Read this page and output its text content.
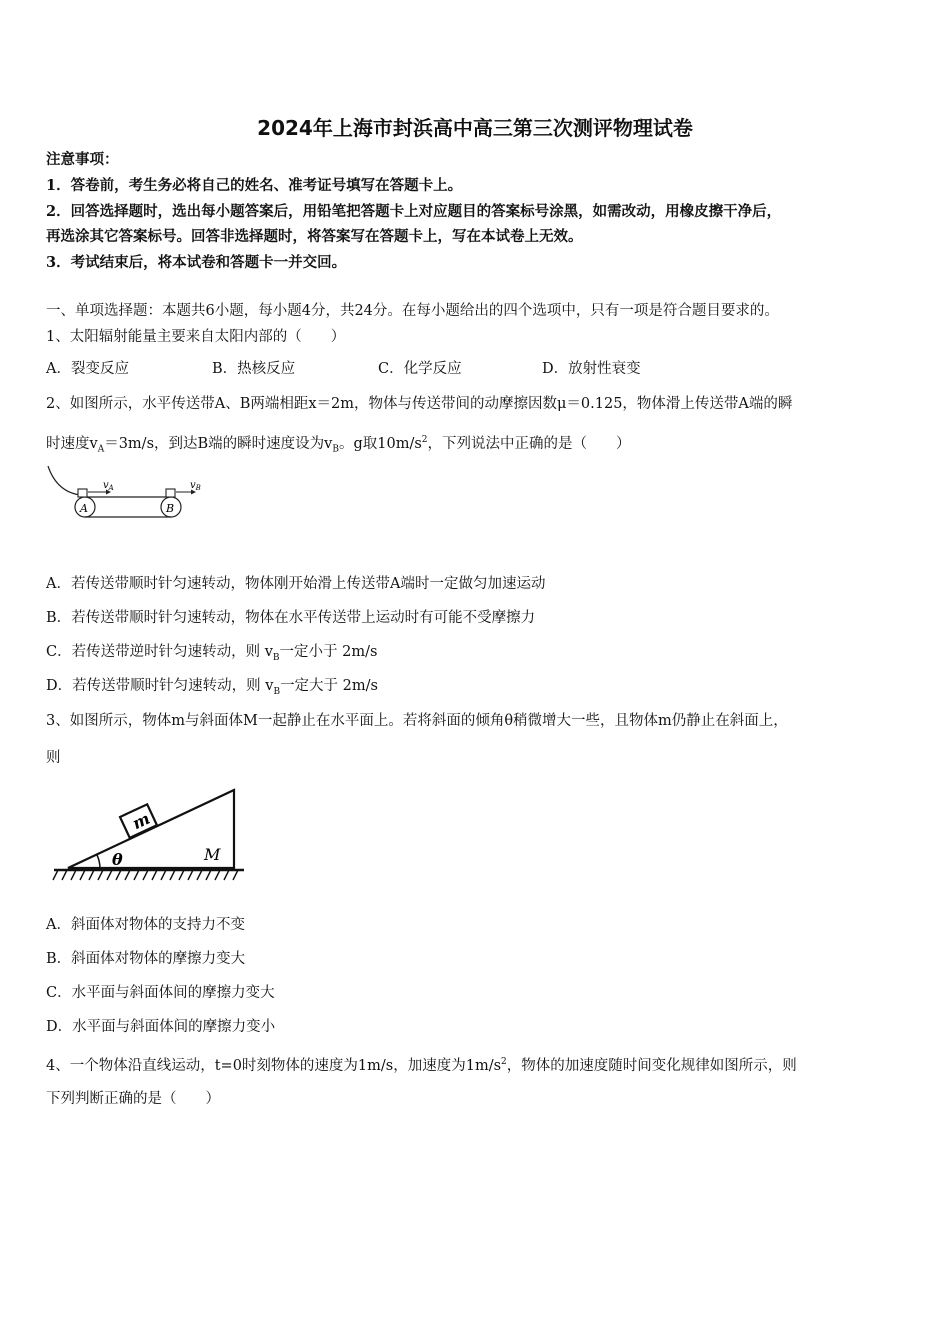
2024年上海市封浜高中高三第三次测评物理试卷
注意事项：
1．答卷前，考生务必将自己的姓名、准考证号填写在答题卡上。
2．回答选择题时，选出每小题答案后，用铅笔把答题卡上对应题目的答案标号涂黑，如需改动，用橡皮擦干净后，
再选涂其它答案标号。回答非选择题时，将答案写在答题卡上，写在本试卷上无效。
3．考试结束后，将本试卷和答题卡一并交回。
一、单项选择题：本题共6小题，每小题4分，共24分。在每小题给出的四个选项中，只有一项是符合题目要求的。
1、太阳辐射能量主要来自太阳内部的（　　）
A．裂变反应	B．热核反应	C．化学反应	D．放射性衰变
2、如图所示，水平传送带A、B两端相距x＝2m，物体与传送带间的动摩擦因数μ＝0.125，物体滑上传送带A端的瞬
时速度$v_A=3m/s$，到达B端的瞬时速度设为$v_B$。g取$10m/s^2$，下列说法中正确的是（　　）
$v_A$	$v_B$
A	B
A．若传送带顺时针匀速转动，物体刚开始滑上传送带A端时一定做匀加速运动
B．若传送带顺时针匀速转动，物体在水平传送带上运动时有可能不受摩擦力
C．若传送带逆时针匀速转动，则 $v_B$一定小于 2m/s
D．若传送带顺时针匀速转动，则 $v_B$一定大于 2m/s
3、如图所示，物体m与斜面体M一起静止在水平面上。若将斜面的倾角θ稍微增大一些，且物体m仍静止在斜面上，
则
m
θ	M
A．斜面体对物体的支持力不变
B．斜面体对物体的摩擦力变大
C．水平面与斜面体间的摩擦力变大
D．水平面与斜面体间的摩擦力变小
4、一个物体沿直线运动，t=0时刻物体的速度为1m/s，加速度为$1m/s^2$，物体的加速度随时间变化规律如图所示，则
下列判断正确的是（　　）
